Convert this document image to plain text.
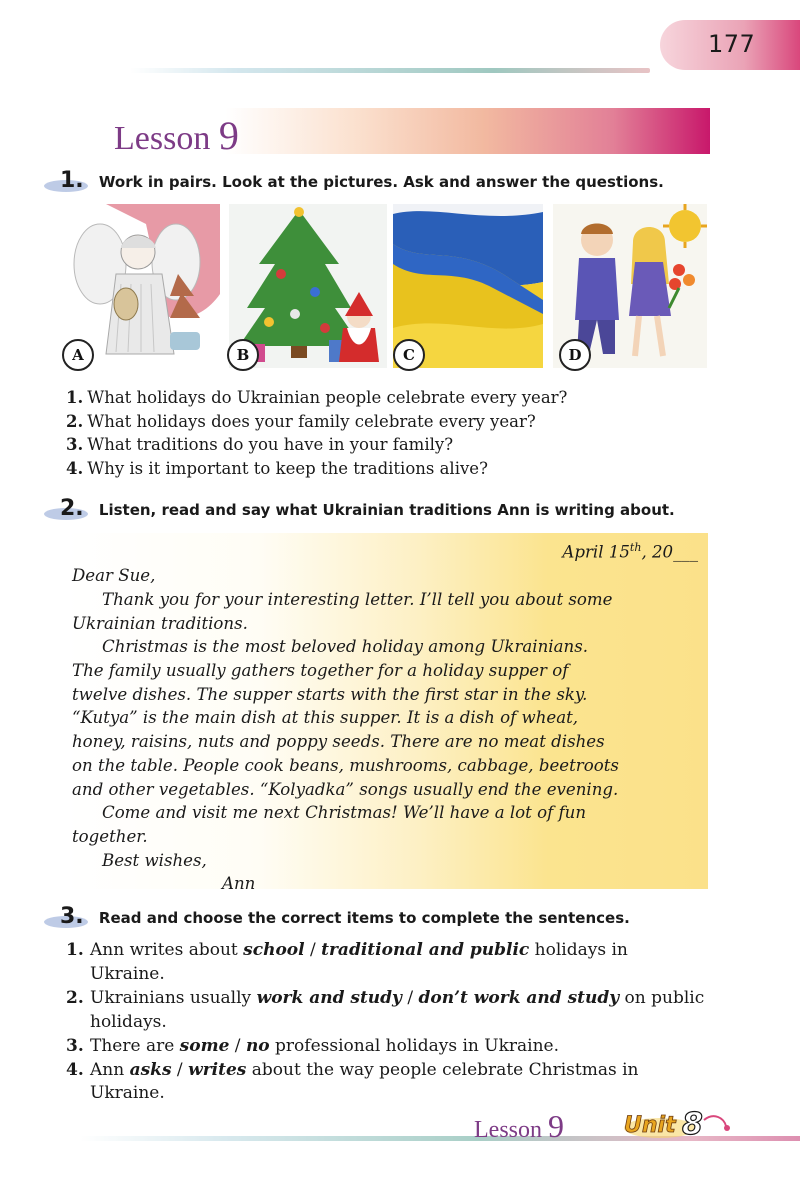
177
Lesson 9
1. Work in pairs. Look at the pictures. Ask and answer the questions.
A	B	C	D
1. What holidays do Ukrainian people celebrate every year?
2. What holidays does your family celebrate every year?
3. What traditions do you have in your family?
4. Why is it important to keep the traditions alive?
2. Listen, read and say what Ukrainian traditions Ann is writing about.
April 15th, 20___
Dear Sue,
Thank you for your interesting letter. I’ll tell you about some
Ukrainian traditions.
Christmas is the most beloved holiday among Ukrainians.
The family usually gathers together for a holiday supper of
twelve dishes. The supper starts with the first star in the sky.
“Kutya” is the main dish at this supper. It is a dish of wheat,
honey, raisins, nuts and poppy seeds. There are no meat dishes
on the table. People cook beans, mushrooms, cabbage, beetroots
and other vegetables. “Kolyadka” songs usually end the evening.
Come and visit me next Christmas! We’ll have a lot of fun
together.
Best wishes,
Ann
3. Read and choose the correct items to complete the sentences.
1. Ann writes about school / traditional and public holidays in Ukraine.
2. Ukrainians usually work and study / don’t work and study on public holidays.
3. There are some / no professional holidays in Ukraine.
4. Ann asks / writes about the way people celebrate Christmas in Ukraine.
Lesson 9	Unit 8
